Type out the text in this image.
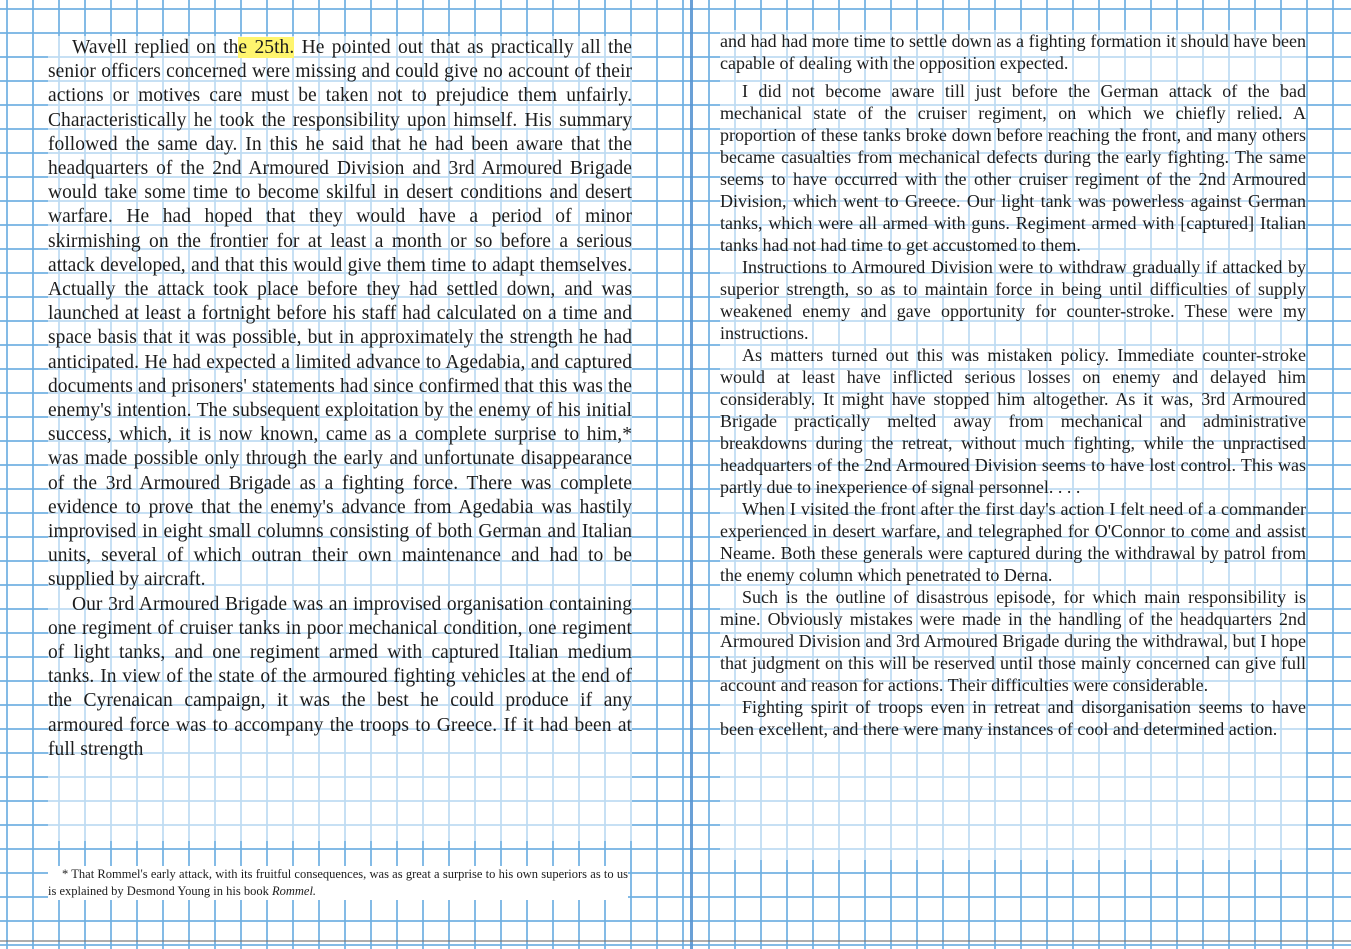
Wavell replied on the 25th. He pointed out that as practically all the senior officers concerned were missing and could give no account of their actions or motives care must be taken not to prejudice them unfairly. Characteristically he took the responsibility upon himself. His summary followed the same day. In this he said that he had been aware that the headquarters of the 2nd Armoured Division and 3rd Armoured Brigade would take some time to become skilful in desert conditions and desert warfare. He had hoped that they would have a period of minor skirmishing on the frontier for at least a month or so before a serious attack developed, and that this would give them time to adapt themselves. Actually the attack took place before they had settled down, and was launched at least a fortnight before his staff had calculated on a time and space basis that it was possible, but in approximately the strength he had anticipated. He had expected a limited advance to Agedabia, and captured documents and prisoners' statements had since confirmed that this was the enemy's intention. The subsequent exploitation by the enemy of his initial success, which, it is now known, came as a complete surprise to him,* was made possible only through the early and unfortunate disappearance of the 3rd Armoured Brigade as a fighting force. There was complete evidence to prove that the enemy's advance from Agedabia was hastily improvised in eight small columns consisting of both German and Italian units, several of which outran their own maintenance and had to be supplied by aircraft.

Our 3rd Armoured Brigade was an improvised organisation containing one regiment of cruiser tanks in poor mechanical condition, one regiment of light tanks, and one regiment armed with captured Italian medium tanks. In view of the state of the armoured fighting vehicles at the end of the Cyrenaican campaign, it was the best he could produce if any armoured force was to accompany the troops to Greece. If it had been at full strength

* That Rommel's early attack, with its fruitful consequences, was as great a surprise to his own superiors as to us is explained by Desmond Young in his book Rommel.

and had had more time to settle down as a fighting formation it should have been capable of dealing with the opposition expected.

I did not become aware till just before the German attack of the bad mechanical state of the cruiser regiment, on which we chiefly relied. A proportion of these tanks broke down before reaching the front, and many others became casualties from mechanical defects during the early fighting. The same seems to have occurred with the other cruiser regiment of the 2nd Armoured Division, which went to Greece. Our light tank was powerless against German tanks, which were all armed with guns. Regiment armed with [captured] Italian tanks had not had time to get accustomed to them.

Instructions to Armoured Division were to withdraw gradually if attacked by superior strength, so as to maintain force in being until difficulties of supply weakened enemy and gave opportunity for counter-stroke. These were my instructions.

As matters turned out this was mistaken policy. Immediate counter-stroke would at least have inflicted serious losses on enemy and delayed him considerably. It might have stopped him altogether. As it was, 3rd Armoured Brigade practically melted away from mechanical and administrative breakdowns during the retreat, without much fighting, while the unpractised headquarters of the 2nd Armoured Division seems to have lost control. This was partly due to inexperience of signal personnel. . . .

When I visited the front after the first day's action I felt need of a commander experienced in desert warfare, and telegraphed for O'Connor to come and assist Neame. Both these generals were captured during the withdrawal by patrol from the enemy column which penetrated to Derna.

Such is the outline of disastrous episode, for which main responsibility is mine. Obviously mistakes were made in the handling of the headquarters 2nd Armoured Division and 3rd Armoured Brigade during the withdrawal, but I hope that judgment on this will be reserved until those mainly concerned can give full account and reason for actions. Their difficulties were considerable.

Fighting spirit of troops even in retreat and disorganisation seems to have been excellent, and there were many instances of cool and determined action.
